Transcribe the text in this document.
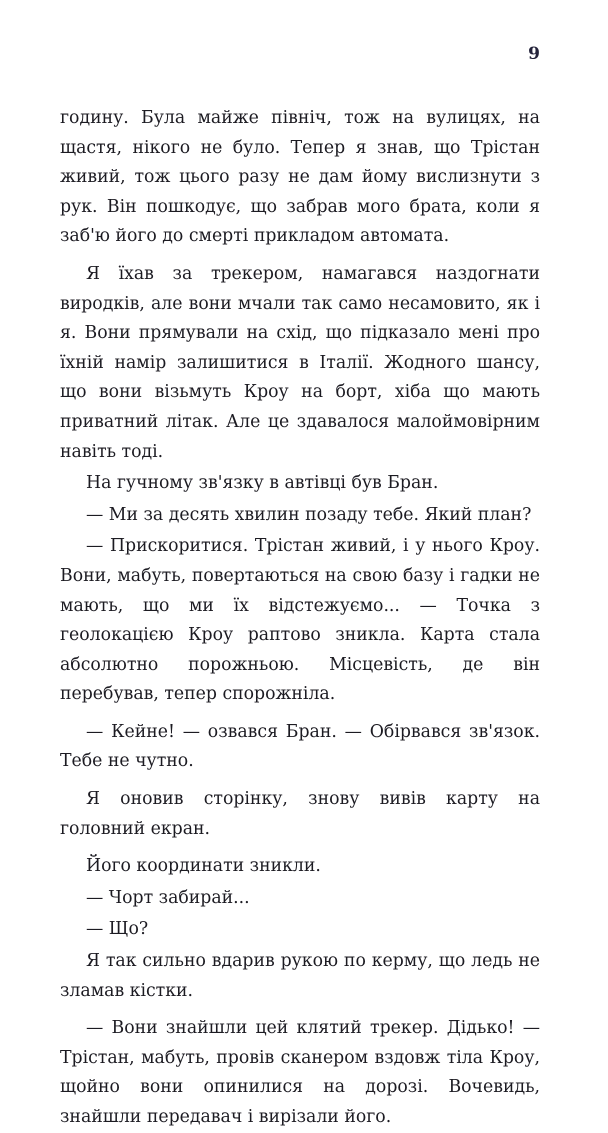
9

годину. Була майже північ, тож на вулицях, на щастя, нікого не було. Тепер я знав, що Трістан живий, тож цього разу не дам йому вислизнути з рук. Він пошкодує, що забрав мого брата, коли я заб'ю його до смерті прикладом автомата.

Я їхав за трекером, намагався наздогнати виродків, але вони мчали так само несамовито, як і я. Вони прямували на схід, що підказало мені про їхній намір залишитися в Італії. Жодного шансу, що вони візьмуть Кроу на борт, хіба що мають приватний літак. Але це здавалося малоймовірним навіть тоді.

На гучному зв'язку в автівці був Бран.

— Ми за десять хвилин позаду тебе. Який план?

— Прискоритися. Трістан живий, і у нього Кроу. Вони, мабуть, повертаються на свою базу і гадки не мають, що ми їх відстежуємо... — Точка з геолокацією Кроу раптово зникла. Карта стала абсолютно порожньою. Місцевість, де він перебував, тепер спорожніла.

— Кейне! — озвався Бран. — Обірвався зв'язок. Тебе не чутно.

Я оновив сторінку, знову вивів карту на головний екран.

Його координати зникли.

— Чорт забирай...

— Що?

Я так сильно вдарив рукою по керму, що ледь не зламав кістки.

— Вони знайшли цей клятий трекер. Дідько! — Трістан, мабуть, провів сканером вздовж тіла Кроу, щойно вони опинилися на дорозі. Вочевидь, знайшли передавач і вирізали його.
